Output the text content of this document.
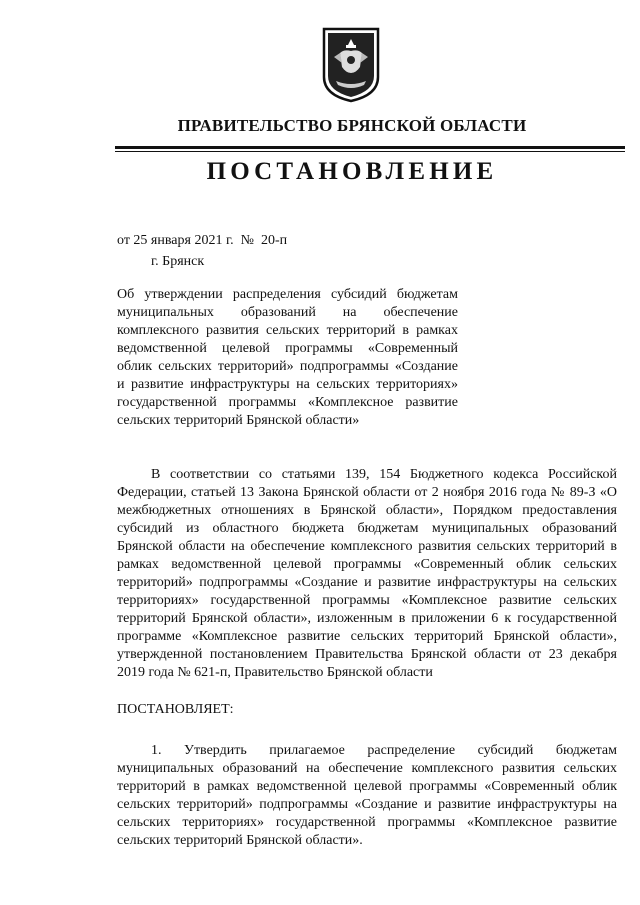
ПРАВИТЕЛЬСТВО БРЯНСКОЙ ОБЛАСТИ
ПОСТАНОВЛЕНИЕ
от 25 января 2021 г.  №  20-п
г. Брянск
Об утверждении распределения субсидий бюджетам муниципальных образований на обеспечение комплексного развития сельских территорий в рамках ведомственной целевой программы «Современный облик сельских территорий» подпрограммы «Создание и развитие инфраструктуры на сельских территориях» государственной программы «Комплексное развитие сельских территорий Брянской области»
В соответствии со статьями 139, 154 Бюджетного кодекса Российской Федерации, статьей 13 Закона Брянской области от 2 ноября 2016 года № 89-З «О межбюджетных отношениях в Брянской области», Порядком предоставления субсидий из областного бюджета бюджетам муниципальных образований Брянской области на обеспечение комплексного развития сельских территорий в рамках ведомственной целевой программы «Современный облик сельских территорий» подпрограммы «Создание и развитие инфраструктуры на сельских территориях» государственной программы «Комплексное развитие сельских территорий Брянской области», изложенным в приложении 6 к государственной программе «Комплексное развитие сельских территорий Брянской области», утвержденной постановлением Правительства Брянской области от 23 декабря 2019 года № 621-п, Правительство Брянской области
ПОСТАНОВЛЯЕТ:
1. Утвердить прилагаемое распределение субсидий бюджетам муниципальных образований на обеспечение комплексного развития сельских территорий в рамках ведомственной целевой программы «Современный облик сельских территорий» подпрограммы «Создание и развитие инфраструктуры на сельских территориях» государственной программы «Комплексное развитие сельских территорий Брянской области».
